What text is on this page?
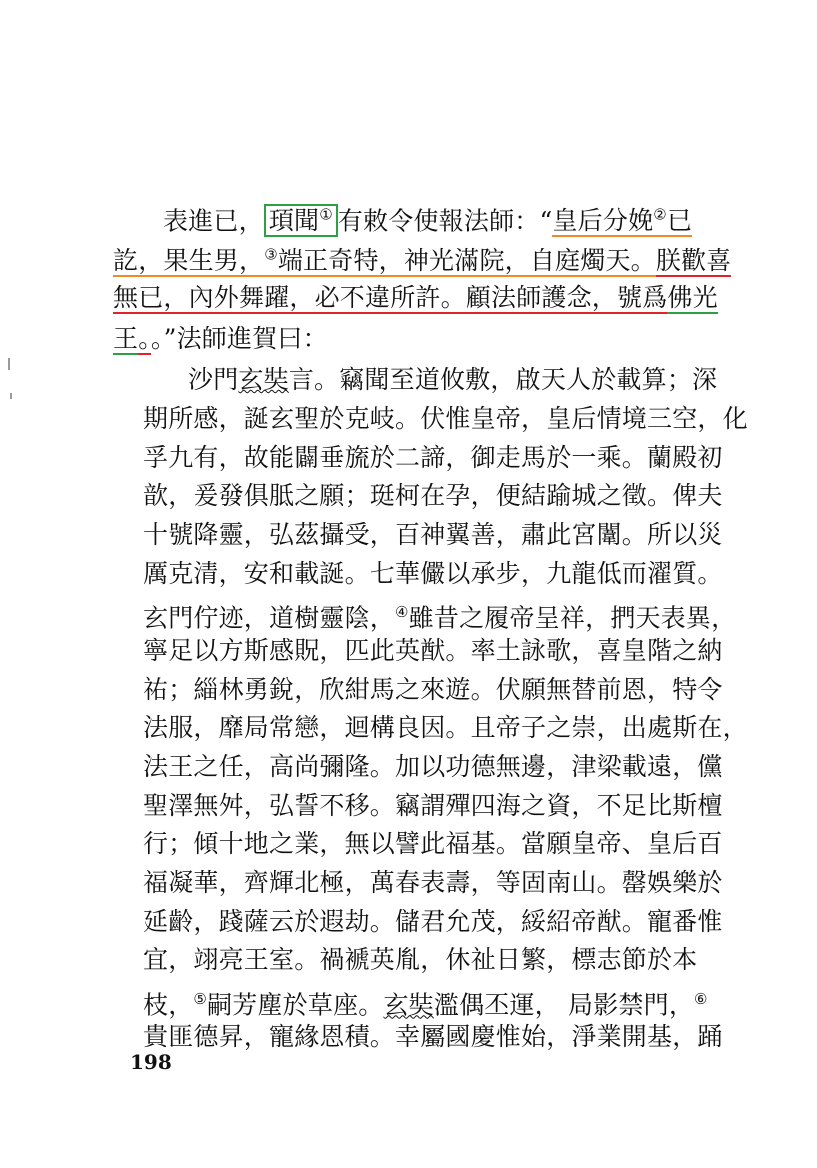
表進已， 頊聞① 有敕令使報法師：“皇后分娩②已
訖，果生男，③端正奇特，神光滿院，自庭燭天。朕歡喜
無已，內外舞躍，必不違所許。顧法師護念，號爲佛光
王。。”法師進賀曰：
沙門玄奘言。竊聞至道攸敷，啟天人於載算；深
期所感，誕玄聖於克岐。伏惟皇帝，皇后情境三空，化
孚九有，故能闢垂旒於二諦，御走馬於一乘。蘭殿初
歆，爰發俱胝之願；珽柯在孕，便結踰城之徵。俾夫
十號降靈，弘茲攝受，百神翼善，肅此宮闈。所以災
厲克清，安和載誕。七華儼以承步，九龍低而濯質。
玄門佇迹，道樹靈陰，④雖昔之履帝呈祥，捫天表異，
寧足以方斯感貺，匹此英猷。率土詠歌，喜皇階之納
祐；緇林勇銳，欣紺馬之來遊。伏願無替前恩，特令
法服，靡局常戀，迴構良因。且帝子之崇，出處斯在，
法王之任，高尚彌隆。加以功德無邊，津梁載遠，儻
聖澤無舛，弘誓不移。竊謂殫四海之資，不足比斯檀
行；傾十地之業，無以譬此福基。當願皇帝、皇后百
福凝華，齊輝北極，萬春表壽，等固南山。罄娛樂於
延齡，踐薩云於遐劫。儲君允茂，綏紹帝猷。寵番惟
宜，翊亮王室。禍褫英胤，休祉日繁，標志節於本
枝，⑤嗣芳塵於草座。玄奘濫偶丕運， 局影禁門，⑥
貴匪德昇，寵緣恩積。幸屬國慶惟始，淨業開基，踊
198
